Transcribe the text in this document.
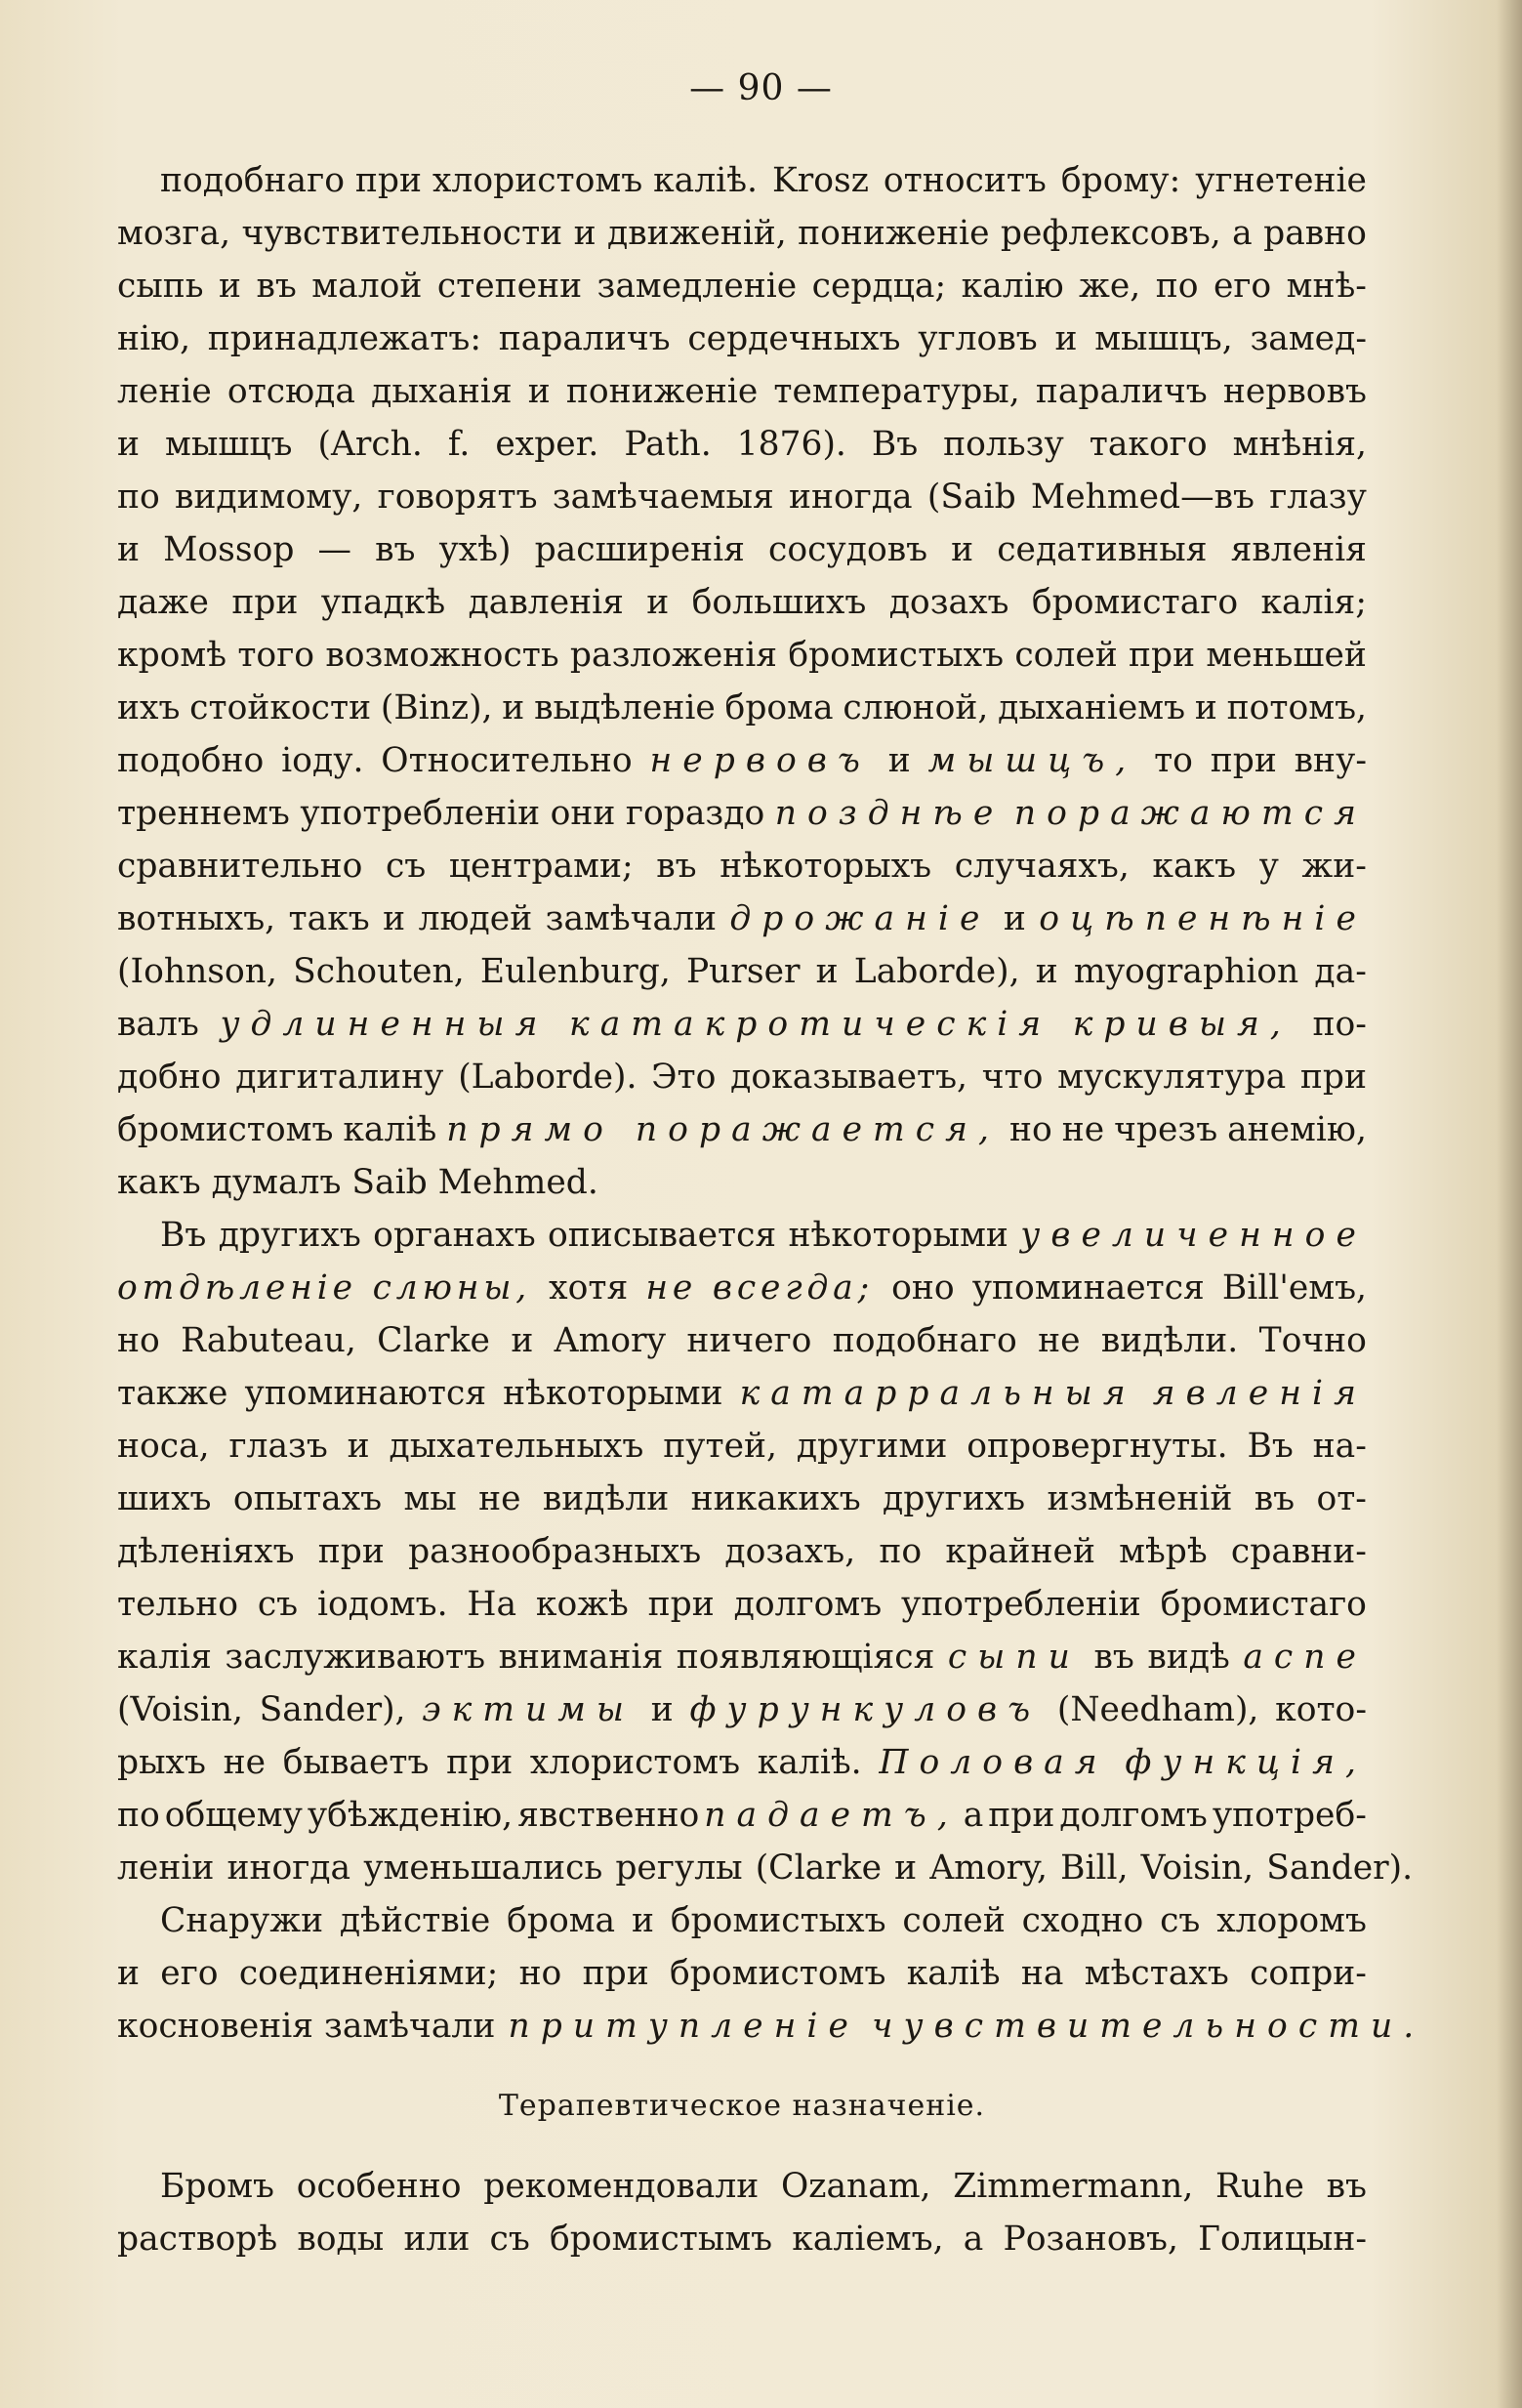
— 90 —
подобнаго при хлористомъ калiѣ. Krosz относитъ брому: угнетенiе
мозга, чувствительности и движенiй, пониженiе рефлексовъ, а равно
сыпь и въ малой степени замедленiе сердца; калiю же, по его мнѣ-
нiю, принадлежатъ: параличъ сердечныхъ угловъ и мышцъ, замед-
ленiе отсюда дыханiя и пониженiе температуры, параличъ нервовъ
и мышцъ (Arch. f. exper. Path. 1876). Въ пользу такого мнѣнiя,
по видимому, говорятъ замѣчаемыя иногда (Saib Mehmed—въ глазу
и Mossop — въ ухѣ) расширенiя сосудовъ и седативныя явленiя
даже при упадкѣ давленiя и большихъ дозахъ бромистаго калiя;
кромѣ того возможность разложенiя бромистыхъ солей при меньшей
ихъ стойкости (Binz), и выдѣленiе брома слюной, дыханiемъ и потомъ,
подобно iоду. Относительно нервовъ и мышцъ, то при вну-
треннемъ употребленiи они гораздо позднѣе поражаются
сравнительно съ центрами; въ нѣкоторыхъ случаяхъ, какъ у жи-
вотныхъ, такъ и людей замѣчали дрожанiе и оцѣпенѣнiе
(Iohnson, Schouten, Eulenburg, Purser и Laborde), и myographion да-
валъ удлиненныя катакротическiя кривыя, по-
добно дигиталину (Laborde). Это доказываетъ, что мускулятура при
бромистомъ калiѣ прямо поражается, но не чрезъ анемiю,
какъ думалъ Saib Mehmed.
Въ другихъ органахъ описывается нѣкоторыми увеличенное
отдѣленiе слюны, хотя не всегда; оно упоминается Bill'емъ,
но Rabuteau, Clarke и Amory ничего подобнаго не видѣли. Точно
также упоминаются нѣкоторыми катарральныя явленiя
носа, глазъ и дыхательныхъ путей, другими опровергнуты. Въ на-
шихъ опытахъ мы не видѣли никакихъ другихъ измѣненiй въ от-
дѣленiяхъ при разнообразныхъ дозахъ, по крайней мѣрѣ сравни-
тельно съ iодомъ. На кожѣ при долгомъ употребленiи бромистаго
калiя заслуживаютъ вниманiя появляющiяся сыпи въ видѣ acne
(Voisin, Sander), эктимы и фурункуловъ (Needham), кото-
рыхъ не бываетъ при хлористомъ калiѣ. Половая функцiя,
по общему убѣжденiю, явственно падаетъ, а при долгомъ употреб-
ленiи иногда уменьшались регулы (Clarke и Amory, Bill, Voisin, Sander).
Снаружи дѣйствiе брома и бромистыхъ солей сходно съ хлоромъ
и его соединенiями; но при бромистомъ калiѣ на мѣстахъ сопри-
косновенiя замѣчали притупленiе чувствительности.
Терапевтическое назначенiе.
Бромъ особенно рекомендовали Ozanam, Zimmermann, Ruhe въ
растворѣ воды или съ бромистымъ калiемъ, а Розановъ, Голицын-
